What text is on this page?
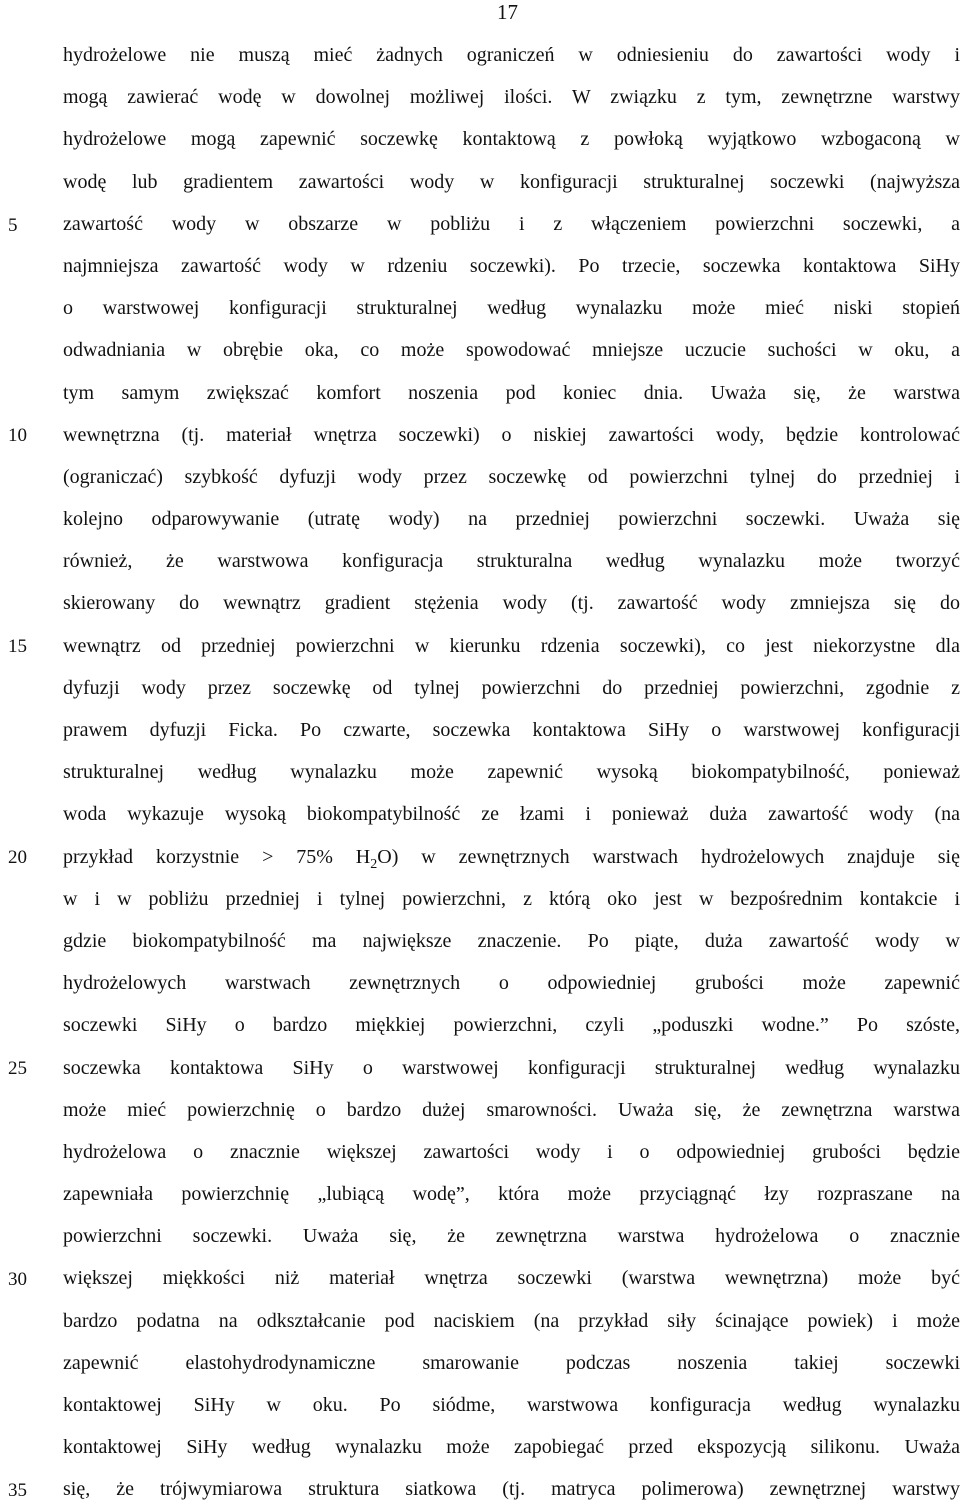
17
5
10
15
20
25
30
35
hydrożelowe nie muszą mieć żadnych ograniczeń w odniesieniu do zawartości wody i
mogą zawierać wodę w dowolnej możliwej ilości. W związku z tym, zewnętrzne warstwy
hydrożelowe mogą zapewnić soczewkę kontaktową z powłoką wyjątkowo wzbogaconą w
wodę lub gradientem zawartości wody w konfiguracji strukturalnej soczewki (najwyższa
zawartość wody w obszarze w pobliżu i z włączeniem powierzchni soczewki, a
najmniejsza zawartość wody w rdzeniu soczewki). Po trzecie, soczewka kontaktowa SiHy
o warstwowej konfiguracji strukturalnej według wynalazku może mieć niski stopień
odwadniania w obrębie oka, co może spowodować mniejsze uczucie suchości w oku, a
tym samym zwiększać komfort noszenia pod koniec dnia. Uważa się, że warstwa
wewnętrzna (tj. materiał wnętrza soczewki) o niskiej zawartości wody, będzie kontrolować
(ograniczać) szybkość dyfuzji wody przez soczewkę od powierzchni tylnej do przedniej i
kolejno odparowywanie (utratę wody) na przedniej powierzchni soczewki. Uważa się
również, że warstwowa konfiguracja strukturalna według wynalazku może tworzyć
skierowany do wewnątrz gradient stężenia wody (tj. zawartość wody zmniejsza się do
wewnątrz od przedniej powierzchni w kierunku rdzenia soczewki), co jest niekorzystne dla
dyfuzji wody przez soczewkę od tylnej powierzchni do przedniej powierzchni, zgodnie z
prawem dyfuzji Ficka. Po czwarte, soczewka kontaktowa SiHy o warstwowej konfiguracji
strukturalnej według wynalazku może zapewnić wysoką biokompatybilność, ponieważ
woda wykazuje wysoką biokompatybilność ze łzami i ponieważ duża zawartość wody (na
przykład korzystnie > 75% $H_2O$) w zewnętrznych warstwach hydrożelowych znajduje się
w i w pobliżu przedniej i tylnej powierzchni, z którą oko jest w bezpośrednim kontakcie i
gdzie biokompatybilność ma największe znaczenie. Po piąte, duża zawartość wody w
hydrożelowych warstwach zewnętrznych o odpowiedniej grubości może zapewnić
soczewki SiHy o bardzo miękkiej powierzchni, czyli „poduszki wodne.” Po szóste,
soczewka kontaktowa SiHy o warstwowej konfiguracji strukturalnej według wynalazku
może mieć powierzchnię o bardzo dużej smarowności. Uważa się, że zewnętrzna warstwa
hydrożelowa o znacznie większej zawartości wody i o odpowiedniej grubości będzie
zapewniała powierzchnię „lubiącą wodę”, która może przyciągnąć łzy rozpraszane na
powierzchni soczewki. Uważa się, że zewnętrzna warstwa hydrożelowa o znacznie
większej miękkości niż materiał wnętrza soczewki (warstwa wewnętrzna) może być
bardzo podatna na odkształcanie pod naciskiem (na przykład siły ścinające powiek) i może
zapewnić elastohydrodynamiczne smarowanie podczas noszenia takiej soczewki
kontaktowej SiHy w oku. Po siódme, warstwowa konfiguracja według wynalazku
kontaktowej SiHy według wynalazku może zapobiegać przed ekspozycją silikonu. Uważa
się, że trójwymiarowa struktura siatkowa (tj. matryca polimerowa) zewnętrznej warstwy
